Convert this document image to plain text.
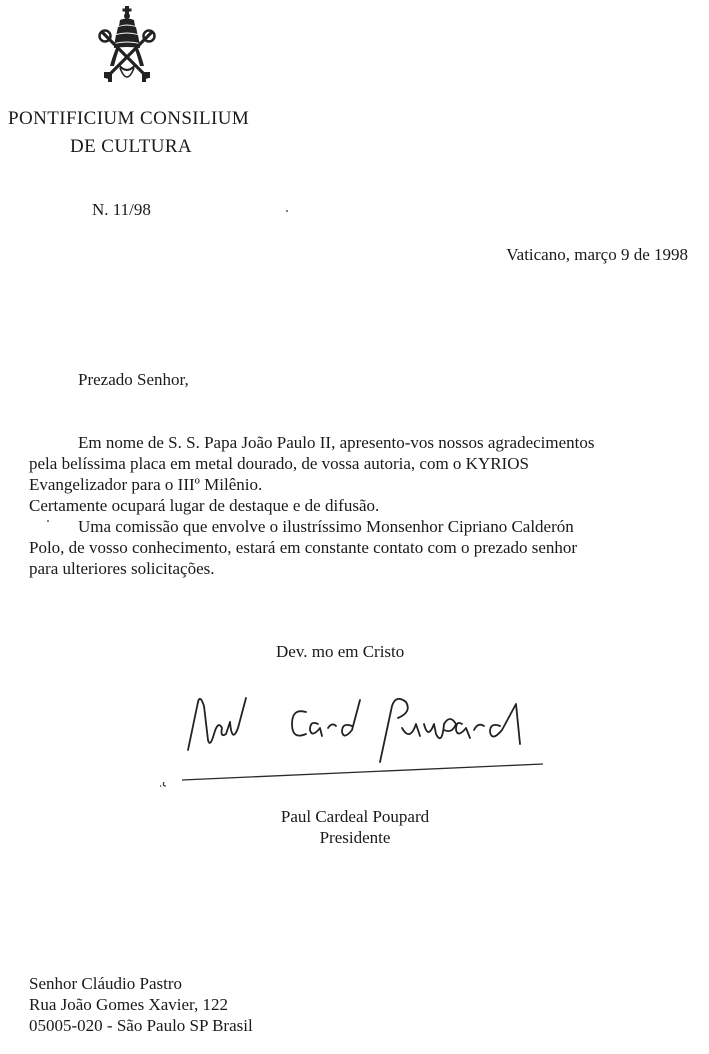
PONTIFICIUM CONSILIUM
DE CULTURA
N. 11/98
Vaticano, março 9 de 1998
Prezado Senhor,

Em nome de S. S. Papa João Paulo II, apresento-vos nossos agradecimentos

pela belíssima placa em metal dourado, de vossa autoria, com o KYRIOS

Evangelizador para o IIIº Milênio.

Certamente ocupará lugar de destaque e de difusão.

Uma comissão que envolve o ilustríssimo Monsenhor Cipriano Calderón

Polo, de vosso conhecimento, estará em constante contato com o prezado senhor

para ulteriores solicitações.

Dev. mo em Cristo
Paul Cardeal Poupard
Presidente
Senhor Cláudio Pastro
Rua João Gomes Xavier, 122
05005-020 - São Paulo SP Brasil
